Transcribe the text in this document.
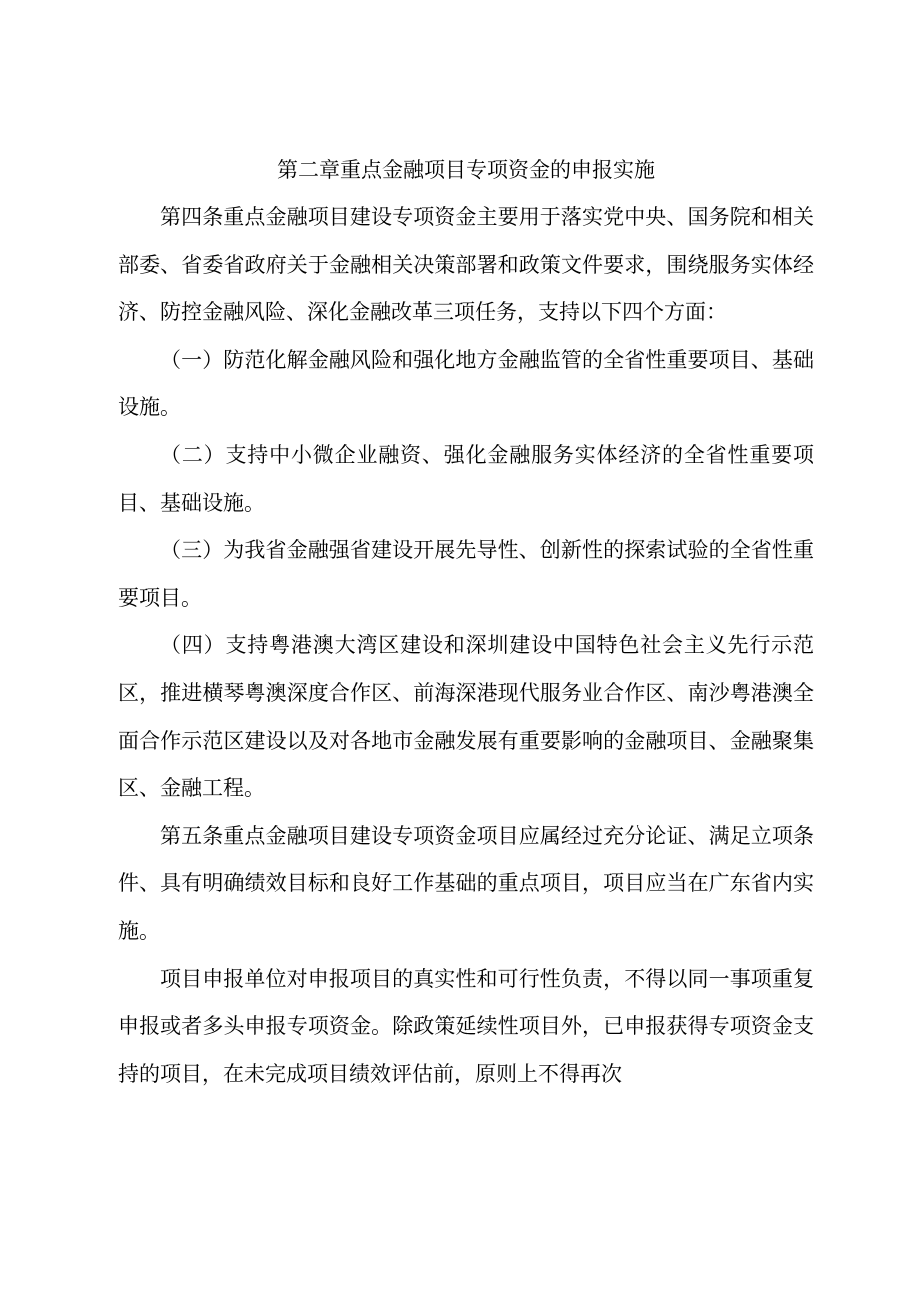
第二章重点金融项目专项资金的申报实施

第四条重点金融项目建设专项资金主要用于落实党中央、国务院和相关部委、省委省政府关于金融相关决策部署和政策文件要求，围绕服务实体经济、防控金融风险、深化金融改革三项任务，支持以下四个方面：

（一）防范化解金融风险和强化地方金融监管的全省性重要项目、基础设施。

（二）支持中小微企业融资、强化金融服务实体经济的全省性重要项目、基础设施。

（三）为我省金融强省建设开展先导性、创新性的探索试验的全省性重要项目。

（四）支持粤港澳大湾区建设和深圳建设中国特色社会主义先行示范区，推进横琴粤澳深度合作区、前海深港现代服务业合作区、南沙粤港澳全面合作示范区建设以及对各地市金融发展有重要影响的金融项目、金融聚集区、金融工程。

第五条重点金融项目建设专项资金项目应属经过充分论证、满足立项条件、具有明确绩效目标和良好工作基础的重点项目，项目应当在广东省内实施。

项目申报单位对申报项目的真实性和可行性负责，不得以同一事项重复申报或者多头申报专项资金。除政策延续性项目外，已申报获得专项资金支持的项目，在未完成项目绩效评估前，原则上不得再次
